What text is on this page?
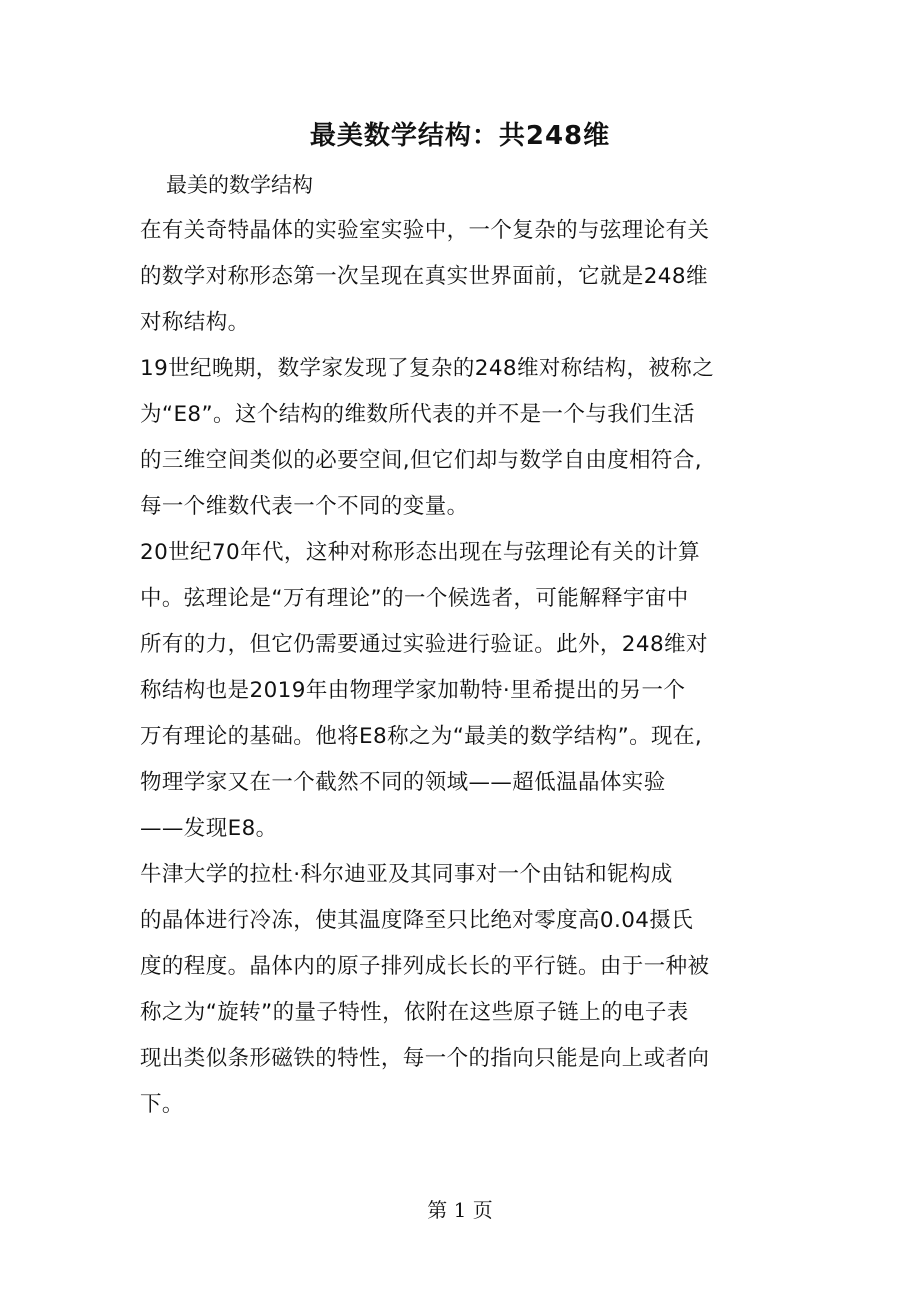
最美数学结构：共248维
最美的数学结构
在有关奇特晶体的实验室实验中，一个复杂的与弦理论有关
的数学对称形态第一次呈现在真实世界面前，它就是248维
对称结构。
19世纪晚期，数学家发现了复杂的248维对称结构，被称之
为“E8”。这个结构的维数所代表的并不是一个与我们生活
的三维空间类似的必要空间,但它们却与数学自由度相符合,
每一个维数代表一个不同的变量。
20世纪70年代，这种对称形态出现在与弦理论有关的计算
中。弦理论是“万有理论”的一个候选者，可能解释宇宙中
所有的力，但它仍需要通过实验进行验证。此外，248维对
称结构也是2019年由物理学家加勒特·里希提出的另一个
万有理论的基础。他将E8称之为“最美的数学结构”。现在,
物理学家又在一个截然不同的领域——超低温晶体实验
——发现E8。
牛津大学的拉杜·科尔迪亚及其同事对一个由钴和铌构成
的晶体进行冷冻，使其温度降至只比绝对零度高0.04摄氏
度的程度。晶体内的原子排列成长长的平行链。由于一种被
称之为“旋转”的量子特性，依附在这些原子链上的电子表
现出类似条形磁铁的特性，每一个的指向只能是向上或者向
下。
第 1 页
